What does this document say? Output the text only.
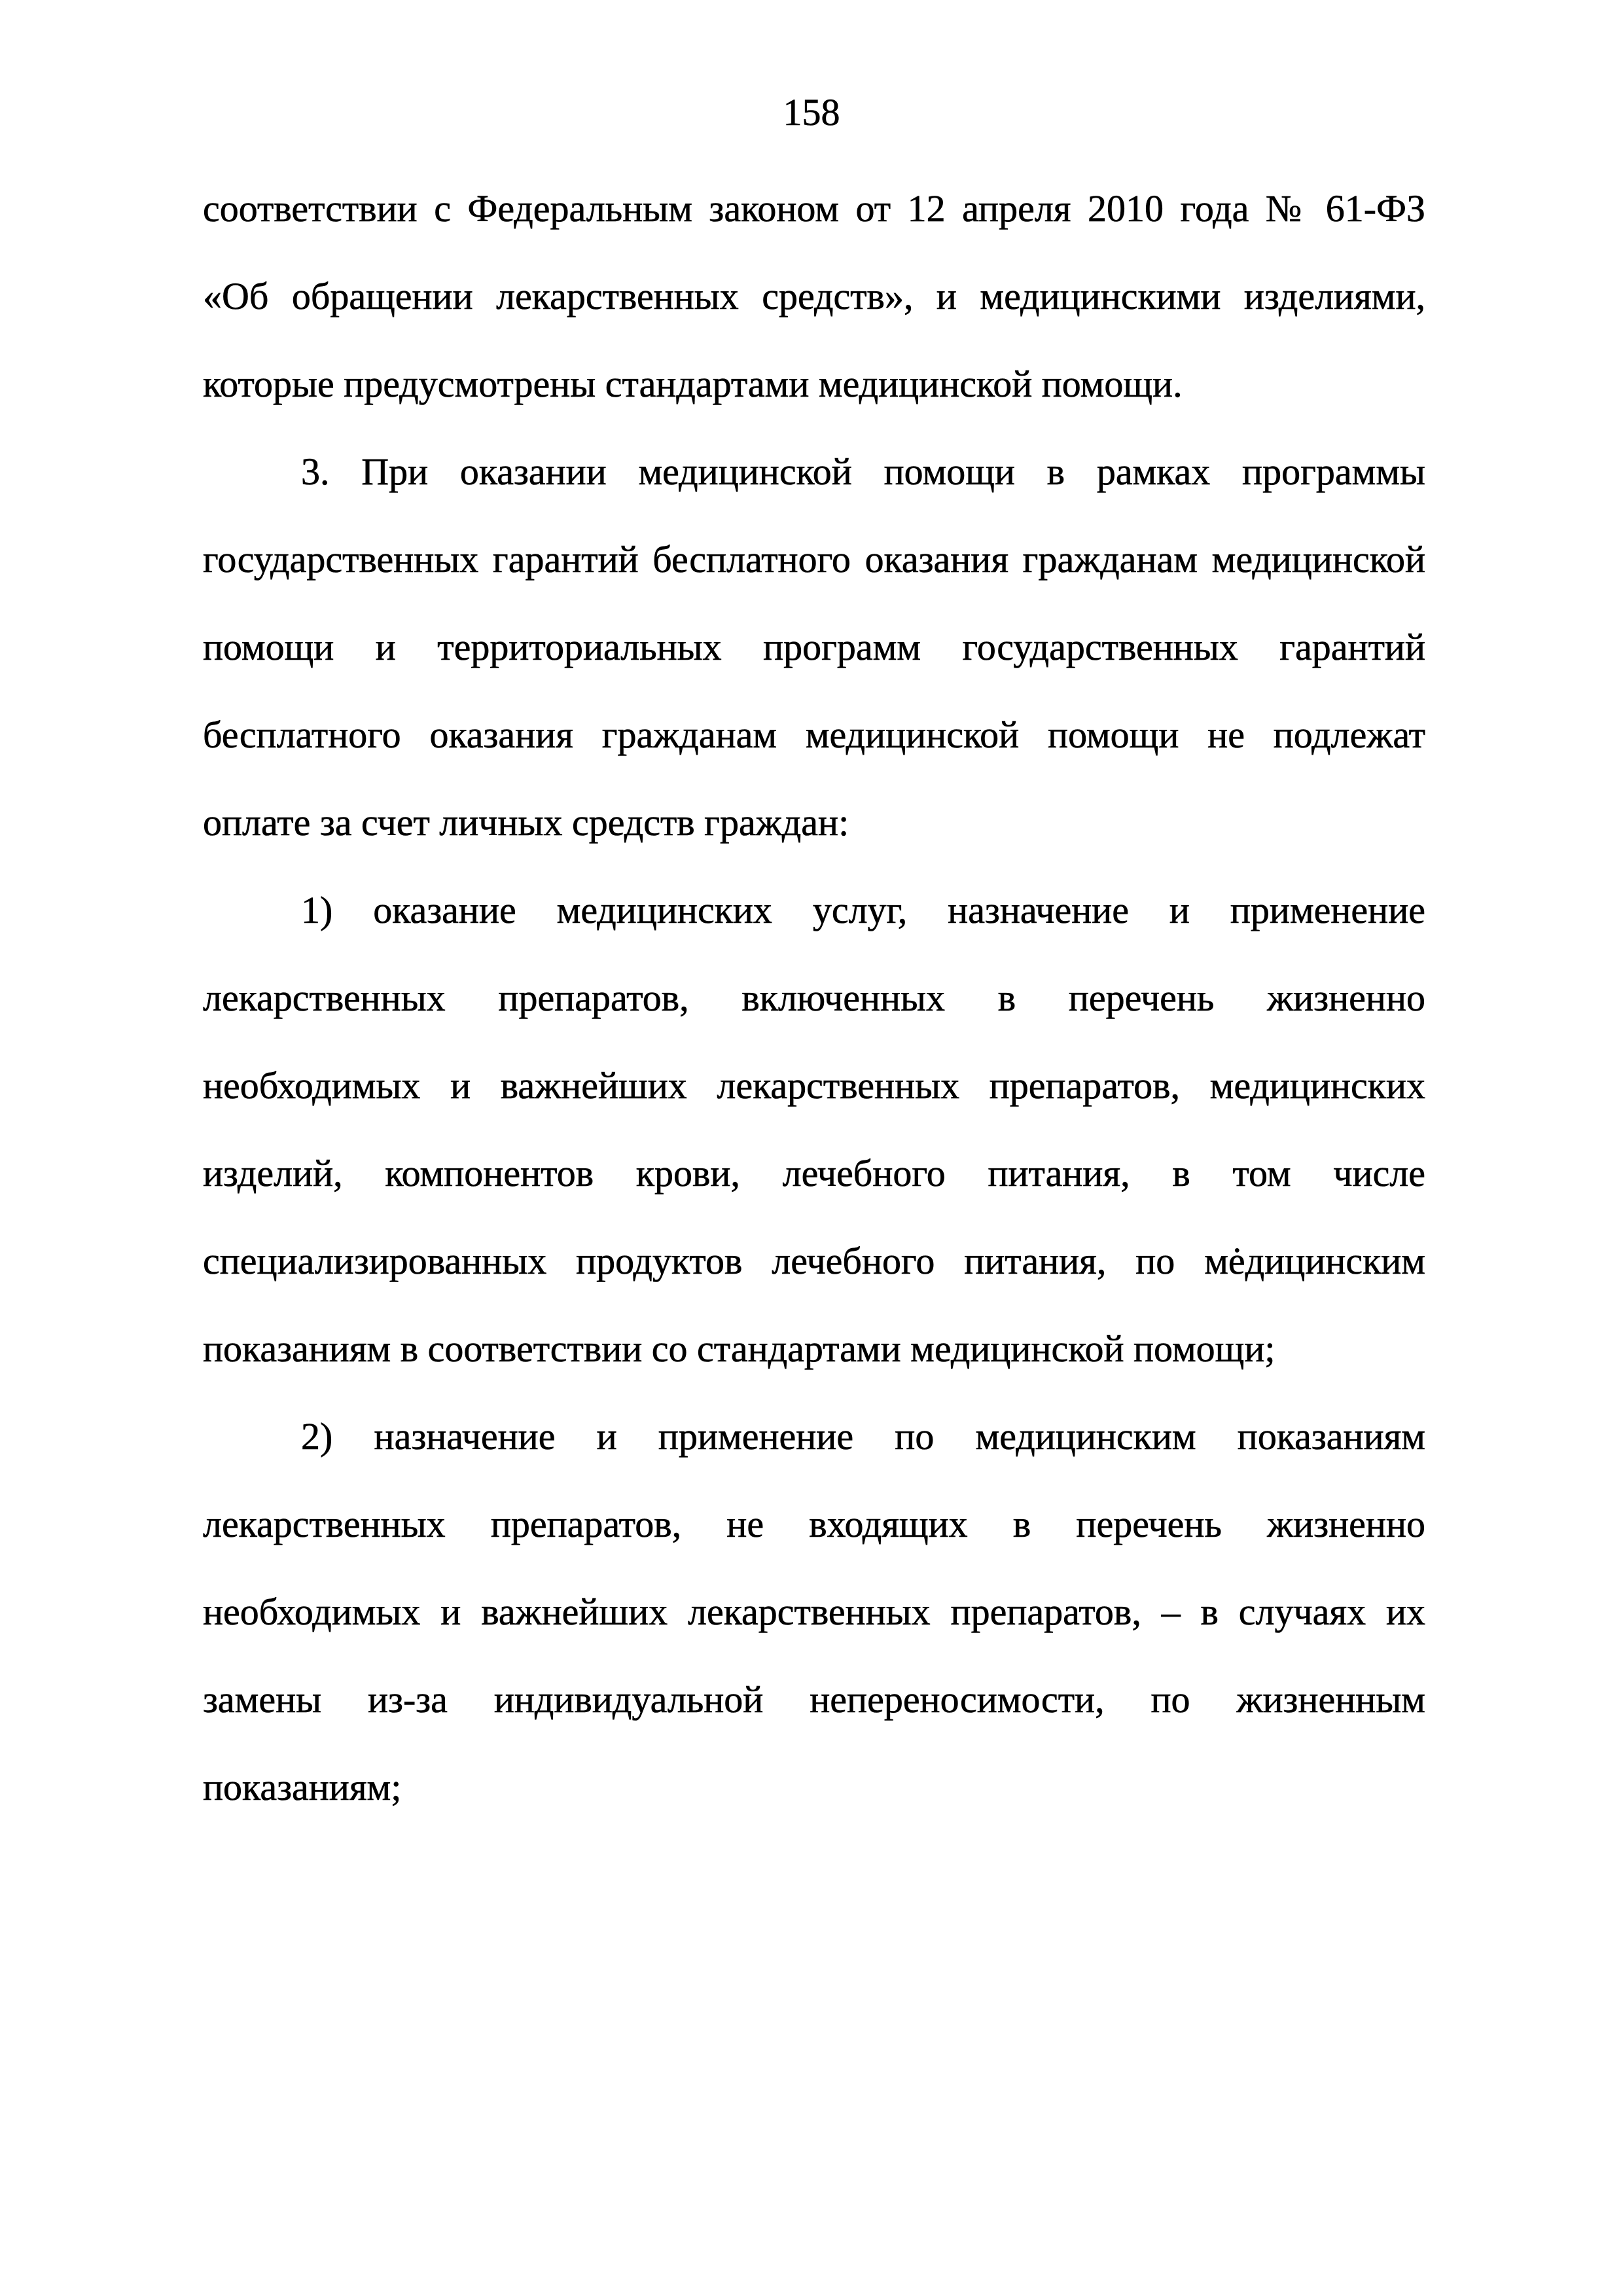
158
соответствии с Федеральным законом от 12 апреля 2010 года № 61-ФЗ
«Об обращении лекарственных средств», и медицинскими изделиями,
которые предусмотрены стандартами медицинской помощи.
3. При оказании медицинской помощи в рамках программы
государственных гарантий бесплатного оказания гражданам медицинской
помощи и территориальных программ государственных гарантий
бесплатного оказания гражданам медицинской помощи не подлежат
оплате за счет личных средств граждан:
1) оказание медицинских услуг, назначение и применение
лекарственных препаратов, включенных в перечень жизненно
необходимых и важнейших лекарственных препаратов, медицинских
изделий, компонентов крови, лечебного питания, в том числе
специализированных продуктов лечебного питания, по мėдицинским
показаниям в соответствии со стандартами медицинской помощи;
2) назначение и применение по медицинским показаниям
лекарственных препаратов, не входящих в перечень жизненно
необходимых и важнейших лекарственных препаратов, – в случаях их
замены из-за индивидуальной непереносимости, по жизненным
показаниям;
